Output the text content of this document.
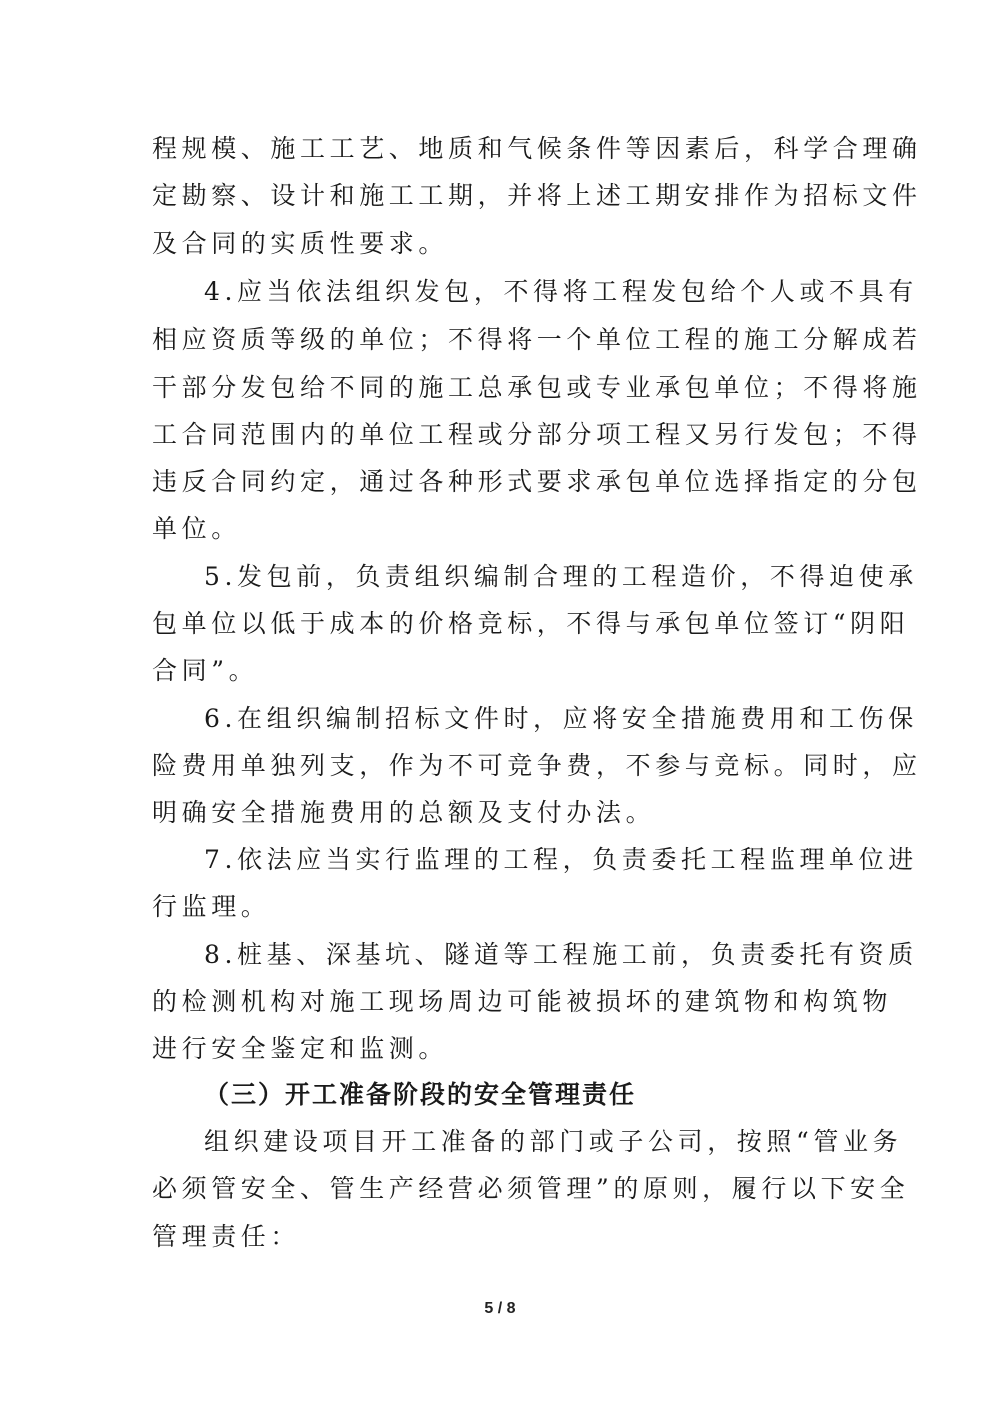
程规模、施工工艺、地质和气候条件等因素后，科学合理确
定勘察、设计和施工工期，并将上述工期安排作为招标文件
及合同的实质性要求。
4.应当依法组织发包，不得将工程发包给个人或不具有
相应资质等级的单位；不得将一个单位工程的施工分解成若
干部分发包给不同的施工总承包或专业承包单位；不得将施
工合同范围内的单位工程或分部分项工程又另行发包；不得
违反合同约定，通过各种形式要求承包单位选择指定的分包
单位。
5.发包前，负责组织编制合理的工程造价，不得迫使承
包单位以低于成本的价格竞标，不得与承包单位签订“阴阳
合同”。
6.在组织编制招标文件时，应将安全措施费用和工伤保
险费用单独列支，作为不可竞争费，不参与竞标。同时，应
明确安全措施费用的总额及支付办法。
7.依法应当实行监理的工程，负责委托工程监理单位进
行监理。
8.桩基、深基坑、隧道等工程施工前，负责委托有资质
的检测机构对施工现场周边可能被损坏的建筑物和构筑物
进行安全鉴定和监测。
（三）开工准备阶段的安全管理责任
组织建设项目开工准备的部门或子公司，按照“管业务
必须管安全、管生产经营必须管理”的原则，履行以下安全
管理责任：
5 / 8
